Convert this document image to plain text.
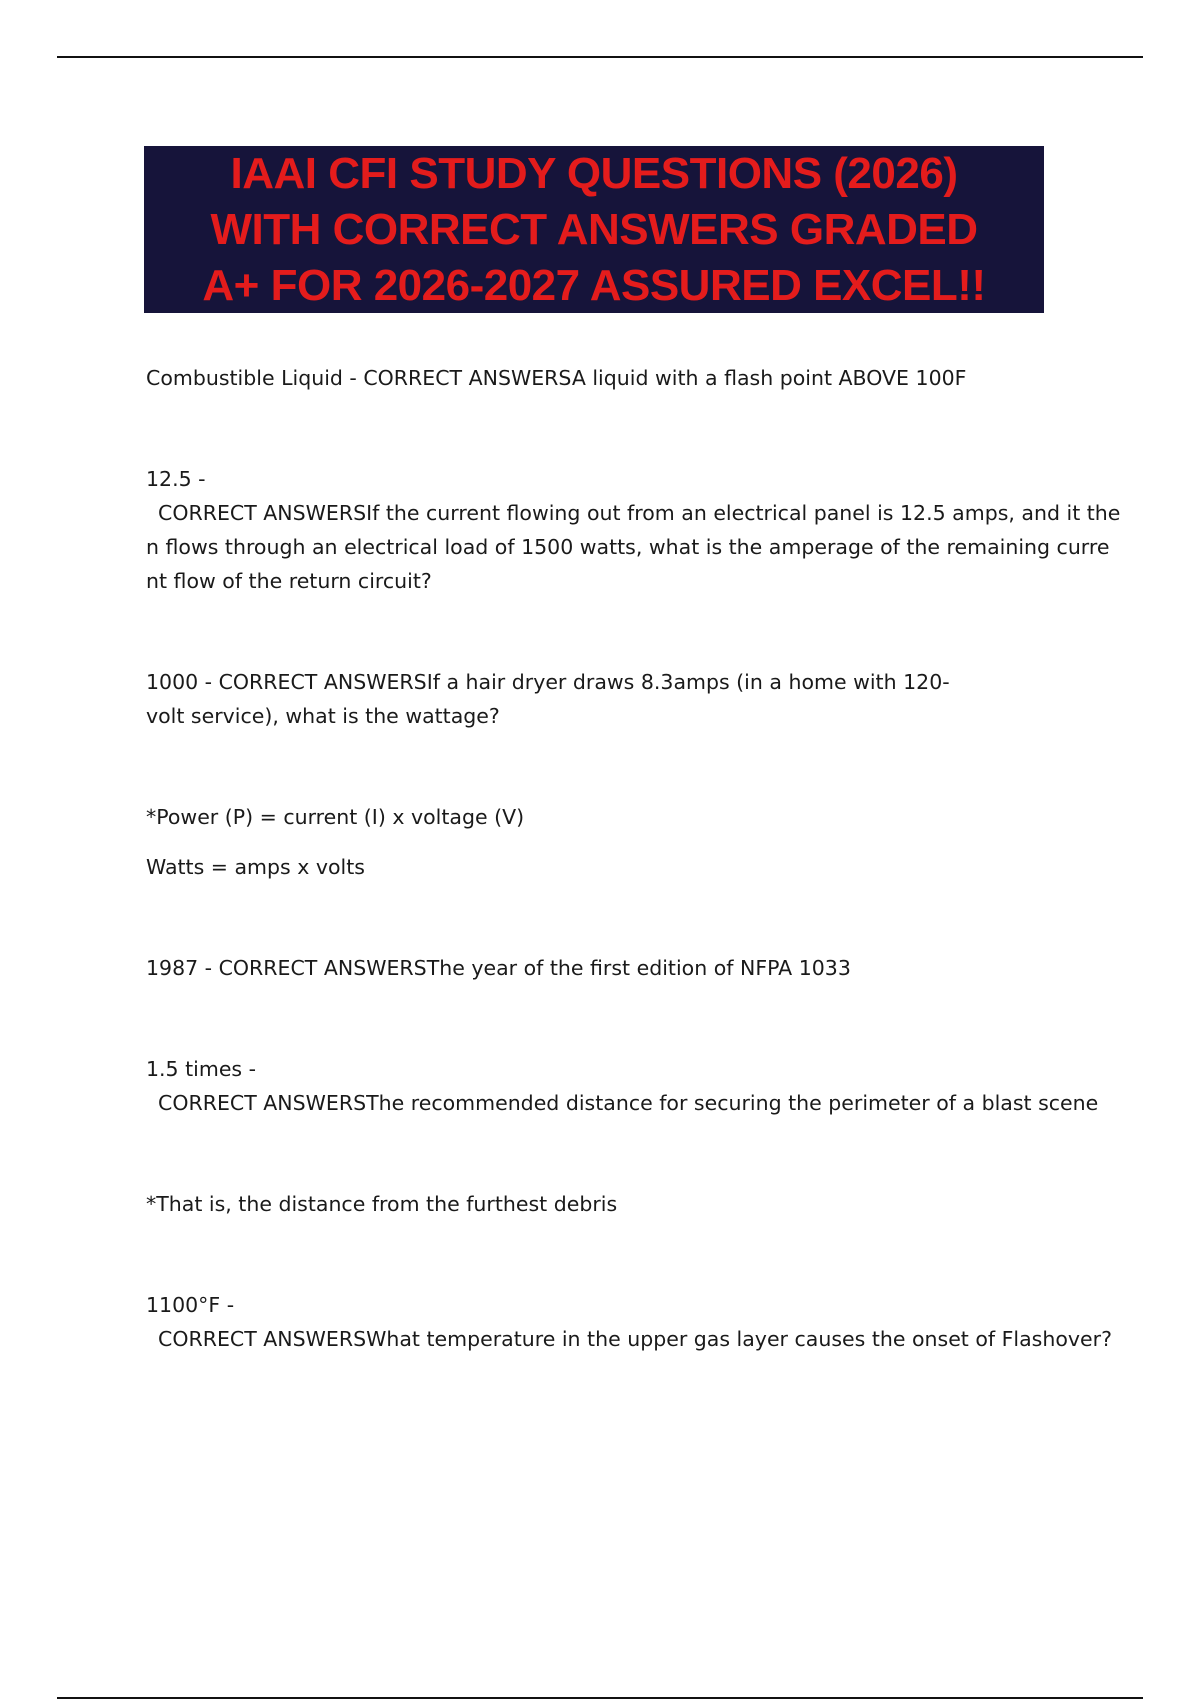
IAAI CFI STUDY QUESTIONS (2026)
WITH CORRECT ANSWERS GRADED
A+ FOR 2026-2027 ASSURED EXCEL!!
Combustible Liquid - CORRECT ANSWERSA liquid with a flash point ABOVE 100F
12.5 -
CORRECT ANSWERSIf the current flowing out from an electrical panel is 12.5 amps, and it the
n flows through an electrical load of 1500 watts, what is the amperage of the remaining curre
nt flow of the return circuit?
1000 - CORRECT ANSWERSIf a hair dryer draws 8.3amps (in a home with 120-
volt service), what is the wattage?
*Power (P) = current (I) x voltage (V)
Watts = amps x volts
1987 - CORRECT ANSWERSThe year of the first edition of NFPA 1033
1.5 times -
CORRECT ANSWERSThe recommended distance for securing the perimeter of a blast scene
*That is, the distance from the furthest debris
1100°F -
CORRECT ANSWERSWhat temperature in the upper gas layer causes the onset of Flashover?
